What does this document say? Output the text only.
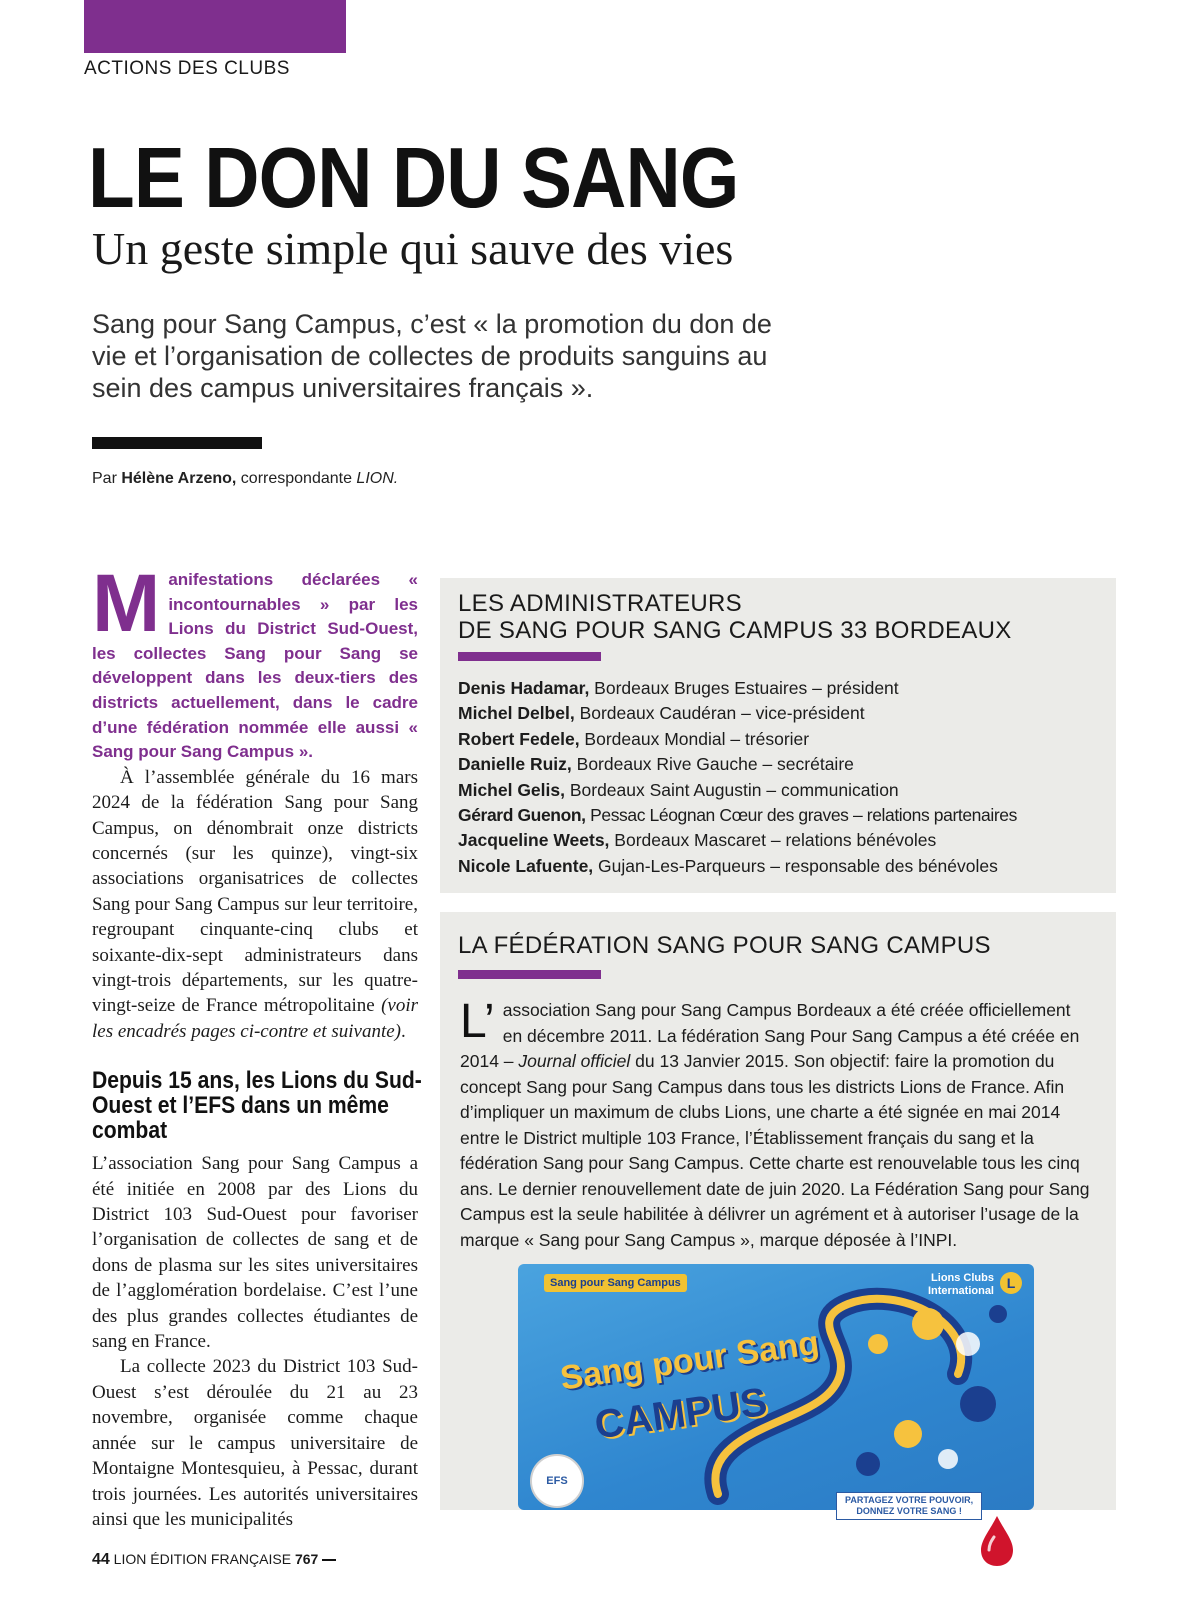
ACTIONS DES CLUBS
LE DON DU SANG
Un geste simple qui sauve des vies

Sang pour Sang Campus, c’est « la promotion du don de vie et l’organisation de collectes de produits sanguins au sein des campus universitaires français ».

Par Hélène Arzeno, correspondante LION.

Manifestations déclarées « incontournables » par les Lions du District Sud-Ouest, les collectes Sang pour Sang se développent dans les deux-tiers des districts actuellement, dans le cadre d’une fédération nommée elle aussi « Sang pour Sang Campus ».

À l’assemblée générale du 16 mars 2024 de la fédération Sang pour Sang Campus, on dénombrait onze districts concernés (sur les quinze), vingt-six associations organisatrices de collectes Sang pour Sang Campus sur leur territoire, regroupant cinquante-cinq clubs et soixante-dix-sept administrateurs dans vingt-trois départements, sur les quatre-vingt-seize de France métropolitaine (voir les encadrés pages ci-contre et suivante).

Depuis 15 ans, les Lions du Sud-Ouest et l’EFS dans un même combat

L’association Sang pour Sang Campus a été initiée en 2008 par des Lions du District 103 Sud-Ouest pour favoriser l’organisation de collectes de sang et de dons de plasma sur les sites universitaires de l’agglomération bordelaise. C’est l’une des plus grandes collectes étudiantes de sang en France.

La collecte 2023 du District 103 Sud-Ouest s’est déroulée du 21 au 23 novembre, organisée comme chaque année sur le campus universitaire de Montaigne Montesquieu, à Pessac, durant trois journées. Les autorités universitaires ainsi que les municipalités

LES ADMINISTRATEURS
DE SANG POUR SANG CAMPUS 33 BORDEAUX
Denis Hadamar, Bordeaux Bruges Estuaires – président
Michel Delbel, Bordeaux Caudéran – vice-président
Robert Fedele, Bordeaux Mondial – trésorier
Danielle Ruiz, Bordeaux Rive Gauche – secrétaire
Michel Gelis, Bordeaux Saint Augustin – communication
Gérard Guenon, Pessac Léognan Cœur des graves – relations partenaires
Jacqueline Weets, Bordeaux Mascaret – relations bénévoles
Nicole Lafuente, Gujan-Les-Parqueurs – responsable des bénévoles
LA FÉDÉRATION SANG POUR SANG CAMPUS

L’ association Sang pour Sang Campus Bordeaux a été créée officiellement en décembre 2011. La fédération Sang Pour Sang Campus a été créée en 2014 – Journal officiel du 13 Janvier 2015. Son objectif: faire la promotion du concept Sang pour Sang Campus dans tous les districts Lions de France. Afin d’impliquer un maximum de clubs Lions, une charte a été signée en mai 2014 entre le District multiple 103 France, l’Établissement français du sang et la fédération Sang pour Sang Campus. Cette charte est renouvelable tous les cinq ans. Le dernier renouvellement date de juin 2020. La Fédération Sang pour Sang Campus est la seule habilitée à délivrer un agrément et à autoriser l’usage de la marque « Sang pour Sang Campus », marque déposée à l’INPI.

Sang pour Sang Campus	Lions Clubs
International L
Sang pour Sang
CAMPUS
EFS
PARTAGEZ VOTRE POUVOIR,
DONNEZ VOTRE SANG !
44 LION ÉDITION FRANÇAISE 767
